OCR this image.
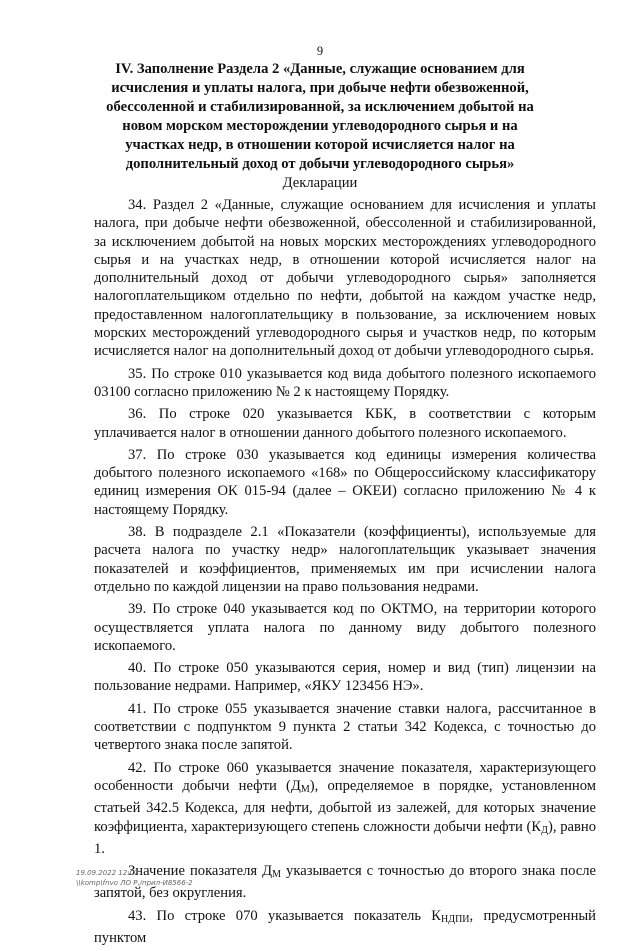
9
IV. Заполнение Раздела 2 «Данные, служащие основанием для исчисления и уплаты налога, при добыче нефти обезвоженной, обессоленной и стабилизированной, за исключением добытой на новом морском месторождении углеводородного сырья и на участках недр, в отношении которой исчисляется налог на дополнительный доход от добычи углеводородного сырья» Декларации

34. Раздел 2 «Данные, служащие основанием для исчисления и уплаты налога, при добыче нефти обезвоженной, обессоленной и стабилизированной, за исключением добытой на новых морских месторождениях углеводородного сырья и на участках недр, в отношении которой исчисляется налог на дополнительный доход от добычи углеводородного сырья» заполняется налогоплательщиком отдельно по нефти, добытой на каждом участке недр, предоставленном налогоплательщику в пользование, за исключением новых морских месторождений углеводородного сырья и участков недр, по которым исчисляется налог на дополнительный доход от добычи углеводородного сырья.

35. По строке 010 указывается код вида добытого полезного ископаемого 03100 согласно приложению № 2 к настоящему Порядку.

36. По строке 020 указывается КБК, в соответствии с которым уплачивается налог в отношении данного добытого полезного ископаемого.

37. По строке 030 указывается код единицы измерения количества добытого полезного ископаемого «168» по Общероссийскому классификатору единиц измерения ОК 015-94 (далее – ОКЕИ) согласно приложению № 4 к настоящему Порядку.

38. В подразделе 2.1 «Показатели (коэффициенты), используемые для расчета налога по участку недр» налогоплательщик указывает значения показателей и коэффициентов, применяемых им при исчислении налога отдельно по каждой лицензии на право пользования недрами.

39. По строке 040 указывается код по ОКТМО, на территории которого осуществляется уплата налога по данному виду добытого полезного ископаемого.

40. По строке 050 указываются серия, номер и вид (тип) лицензии на пользование недрами. Например, «ЯКУ 123456 НЭ».

41. По строке 055 указывается значение ставки налога, рассчитанное в соответствии с подпунктом 9 пункта 2 статьи 342 Кодекса, с точностью до четвертого знака после запятой.

42. По строке 060 указывается значение показателя, характеризующего особенности добычи нефти $(Д_М)$, определяемое в порядке, установленном статьей 342.5 Кодекса, для нефти, добытой из залежей, для которых значение коэффициента, характеризующего степень сложности добычи нефти $(К_Д)$, равно 1.

Значение показателя $Д_М$ указывается с точностью до второго знака после запятой, без округления.

43. По строке 070 указывается показатель $К_{НДПИ}$, предусмотренный пунктом

19.09.2022 12:07
\\komp\fnvo ЛО Р./прил-И8566-2
